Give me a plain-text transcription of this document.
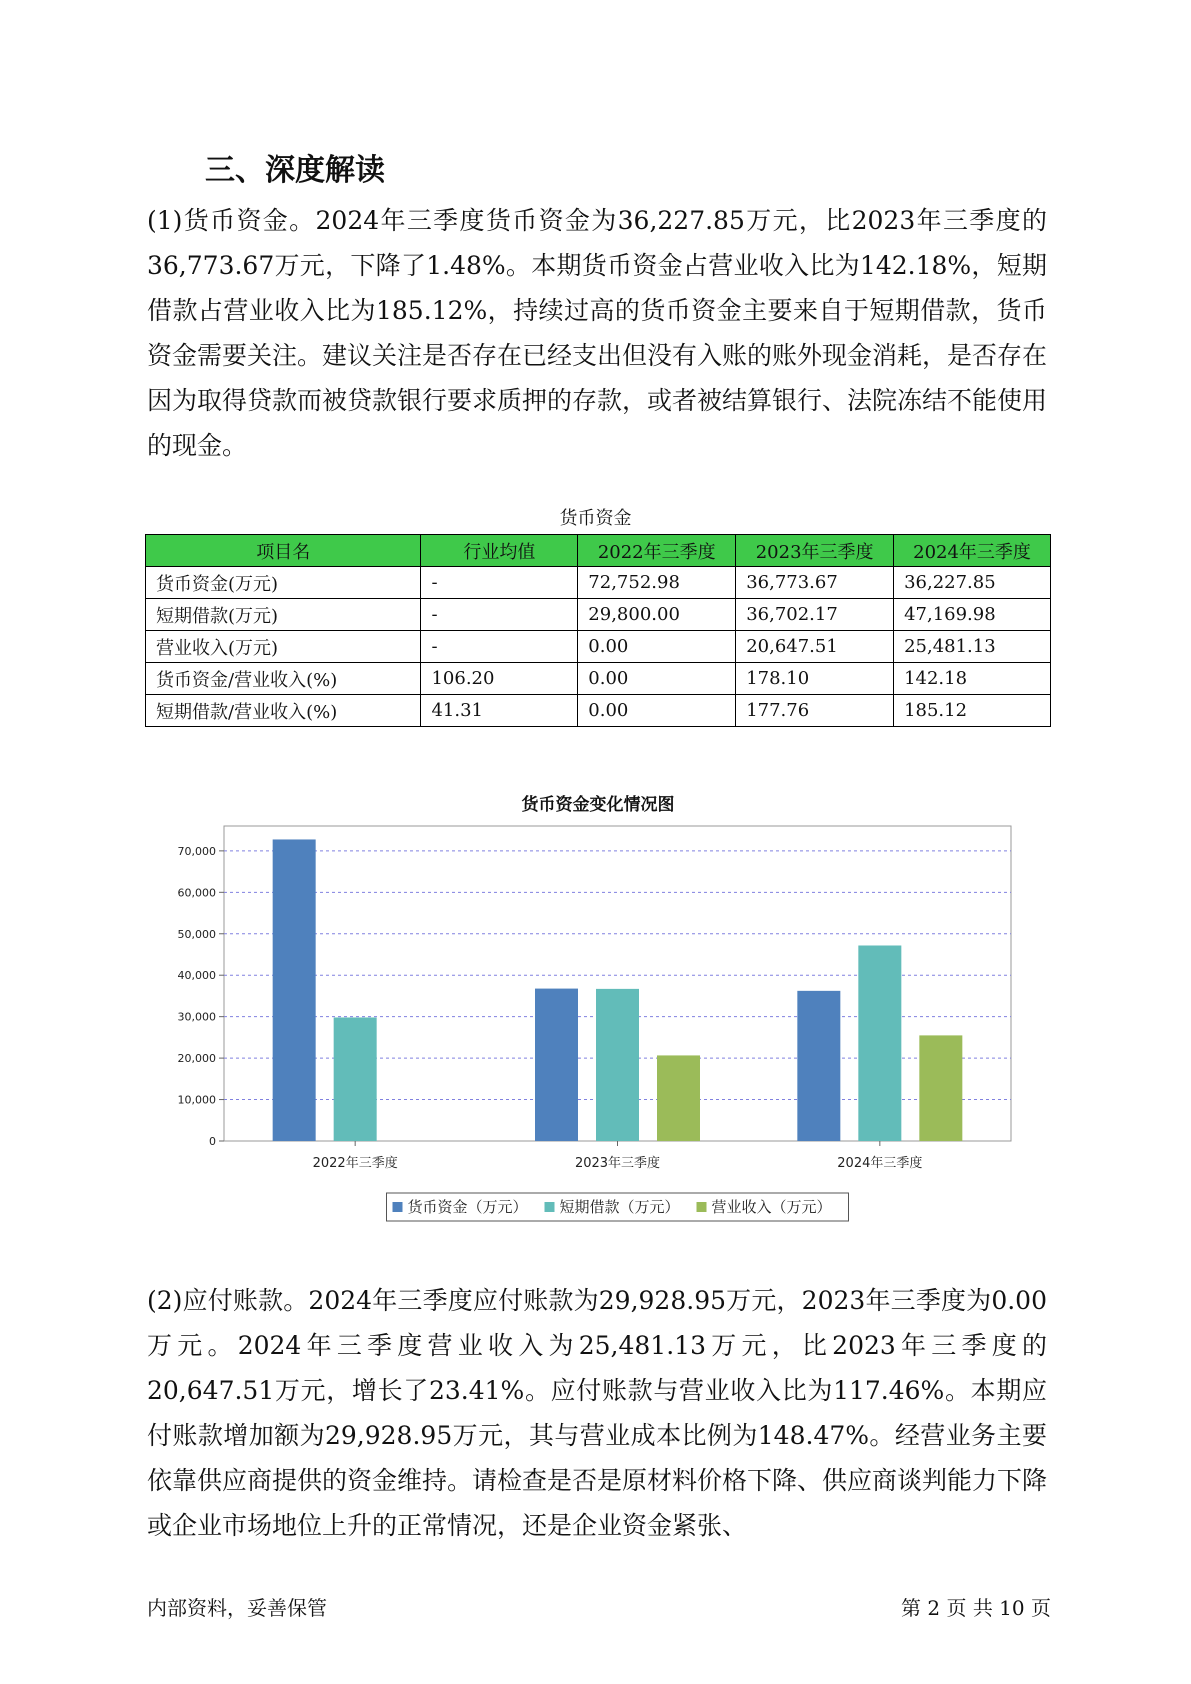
三、深度解读

(1)货币资金。2024年三季度货币资金为36,227.85万元，比2023年三季度的36,773.67万元，下降了1.48%。本期货币资金占营业收入比为142.18%，短期借款占营业收入比为185.12%，持续过高的货币资金主要来自于短期借款，货币资金需要关注。建议关注是否存在已经支出但没有入账的账外现金消耗，是否存在因为取得贷款而被贷款银行要求质押的存款，或者被结算银行、法院冻结不能使用的现金。

货币资金
项目名	行业均值	2022年三季度	2023年三季度	2024年三季度
货币资金(万元)	-	72,752.98	36,773.67	36,227.85
短期借款(万元)	-	29,800.00	36,702.17	47,169.98
营业收入(万元)	-	0.00	20,647.51	25,481.13
货币资金/营业收入(%)	106.20	0.00	178.10	142.18
短期借款/营业收入(%)	41.31	0.00	177.76	185.12
货币资金变化情况图
0
10,000
20,000
30,000
40,000
50,000
60,000
70,000
2022年三季度	2023年三季度	2024年三季度
货币资金（万元） 短期借款（万元） 营业收入（万元）

(2)应付账款。2024年三季度应付账款为29,928.95万元，2023年三季度为0.00万元。2024年三季度营业收入为25,481.13万元，比2023年三季度的20,647.51万元，增长了23.41%。应付账款与营业收入比为117.46%。本期应付账款增加额为29,928.95万元，其与营业成本比例为148.47%。经营业务主要依靠供应商提供的资金维持。请检查是否是原材料价格下降、供应商谈判能力下降或企业市场地位上升的正常情况，还是企业资金紧张、

内部资料，妥善保管	第 2 页 共 10 页
